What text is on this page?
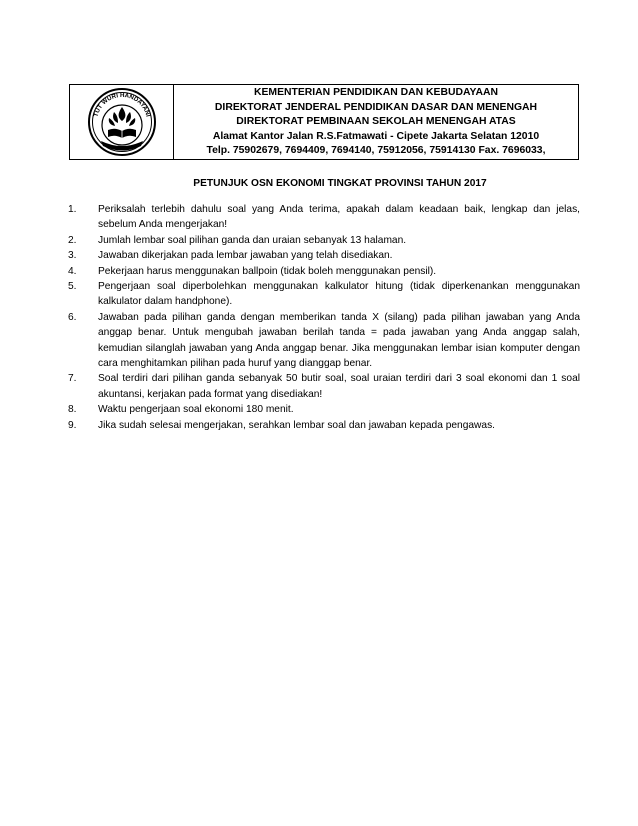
TUT WURI HANDAYANI
KEMENTERIAN PENDIDIKAN DAN KEBUDAYAAN
DIREKTORAT JENDERAL PENDIDIKAN DASAR DAN MENENGAH
DIREKTORAT PEMBINAAN SEKOLAH MENENGAH ATAS
Alamat Kantor Jalan R.S.Fatmawati - Cipete Jakarta Selatan 12010
Telp. 75902679, 7694409, 7694140, 75912056, 75914130 Fax. 7696033,
PETUNJUK OSN EKONOMI TINGKAT PROVINSI TAHUN 2017
1.	Periksalah terlebih dahulu soal yang Anda terima, apakah dalam keadaan baik, lengkap dan jelas, sebelum Anda mengerjakan!
2.	Jumlah lembar soal pilihan ganda dan uraian sebanyak 13 halaman.
3.	Jawaban dikerjakan pada lembar jawaban yang telah disediakan.
4.	Pekerjaan harus menggunakan ballpoin (tidak boleh menggunakan pensil).
5.	Pengerjaan soal diperbolehkan menggunakan kalkulator hitung (tidak diperkenankan menggunakan kalkulator dalam handphone).
6.	Jawaban pada pilihan ganda dengan memberikan tanda X (silang) pada pilihan jawaban yang Anda anggap benar. Untuk mengubah jawaban berilah tanda = pada jawaban yang Anda anggap salah, kemudian silanglah jawaban yang Anda anggap benar. Jika menggunakan lembar isian komputer dengan cara menghitamkan pilihan pada huruf yang dianggap benar.
7.	Soal terdiri dari pilihan ganda sebanyak 50 butir soal, soal uraian terdiri dari 3 soal ekonomi dan 1 soal akuntansi, kerjakan pada format yang disediakan!
8.	Waktu pengerjaan soal ekonomi 180 menit.
9.	Jika sudah selesai mengerjakan, serahkan lembar soal dan jawaban kepada pengawas.
